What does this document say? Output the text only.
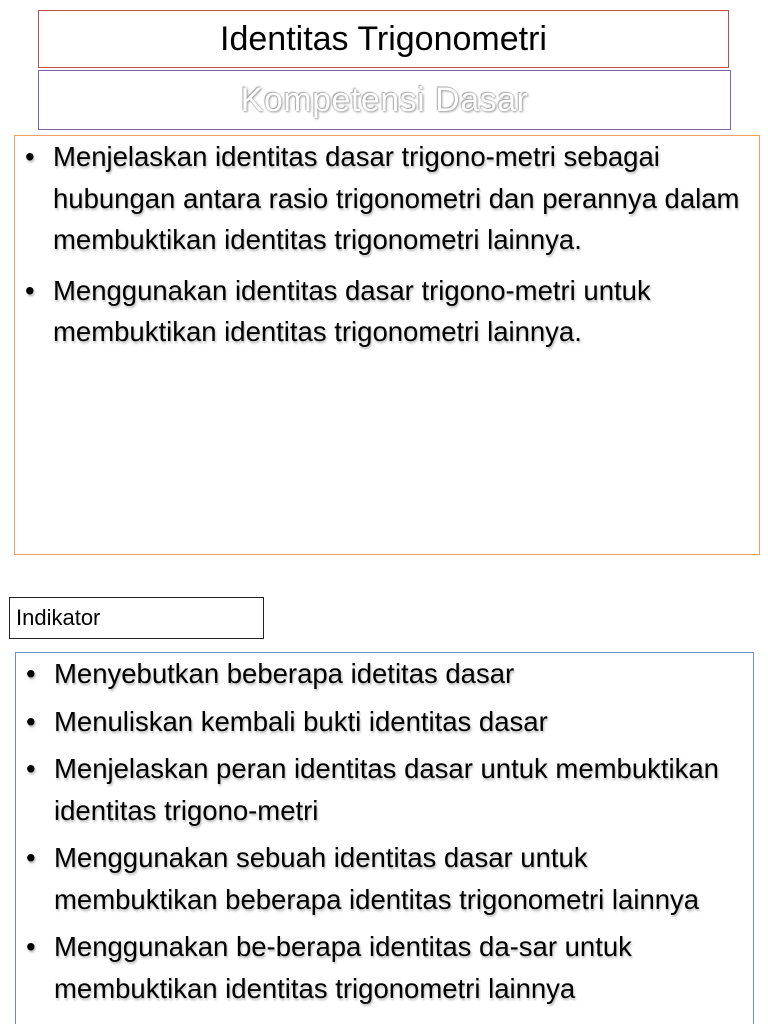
Identitas Trigonometri
Kompetensi Dasar
• Menjelaskan identitas dasar trigono-metri sebagai hubungan antara rasio trigonometri dan perannya dalam membuktikan identitas trigonometri lainnya.
• Menggunakan identitas dasar trigono-metri untuk membuktikan identitas trigonometri lainnya.
Indikator
• Menyebutkan beberapa idetitas dasar
• Menuliskan kembali bukti identitas dasar
• Menjelaskan peran identitas dasar untuk membuktikan identitas trigono-metri
• Menggunakan sebuah identitas dasar untuk membuktikan beberapa identitas trigonometri lainnya
• Menggunakan be-berapa identitas da-sar untuk membuktikan identitas trigonometri lainnya
